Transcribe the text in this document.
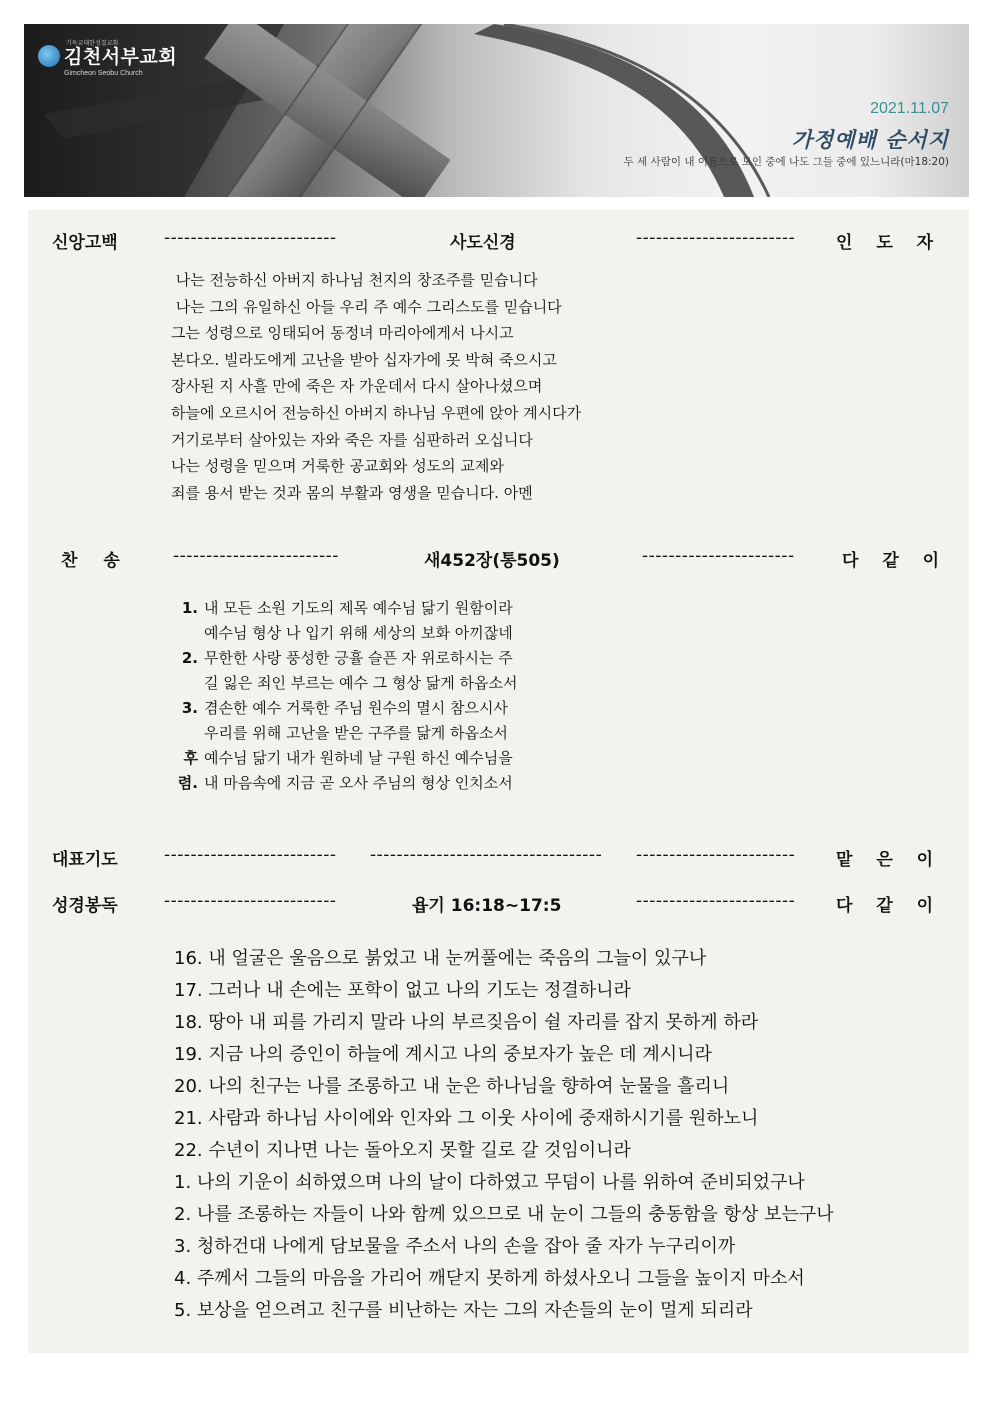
김천서부교회
기독교대한성결교회
Gimcheon Seobu Church
2021.11.07
가정예배 순서지
두 세 사람이 내 이름으로 모인 중에 나도 그들 중에 있느니라(마18:20)
신앙고백	--------------------------	사도신경	------------------------ 인 도 자
나는 전능하신 아버지 하나님 천지의 창조주를 믿습니다
나는 그의 유일하신 아들 우리 주 예수 그리스도를 믿습니다
그는 성령으로 잉태되어 동정녀 마리아에게서 나시고
본다오. 빌라도에게 고난을 받아 십자가에 못 박혀 죽으시고
장사된 지 사흘 만에 죽은 자 가운데서 다시 살아나셨으며
하늘에 오르시어 전능하신 아버지 하나님 우편에 앉아 계시다가
거기로부터 살아있는 자와 죽은 자를 심판하러 오십니다
나는 성령을 믿으며 거룩한 공교회와 성도의 교제와
죄를 용서 받는 것과 몸의 부활과 영생을 믿습니다. 아멘
찬 송	-------------------------	새452장(통505)	-----------------------	다 같 이
1. 내 모든 소원 기도의 제목 예수님 닮기 원함이라
예수님 형상 나 입기 위해 세상의 보화 아끼잖네
2. 무한한 사랑 풍성한 긍휼 슬픈 자 위로하시는 주
길 잃은 죄인 부르는 예수 그 형상 닮게 하옵소서
3. 겸손한 예수 거룩한 주님 원수의 멸시 참으시사
우리를 위해 고난을 받은 구주를 닮게 하옵소서
후렴.
예수님 닮기 내가 원하네 날 구원 하신 예수님을
내 마음속에 지금 곧 오사 주님의 형상 인치소서
대표기도	-------------------------- ----------------------------------- ------------------------ 맡 은 이
성경봉독	--------------------------	욥기 16:18~17:5	------------------------ 다 같 이
16. 내 얼굴은 울음으로 붉었고 내 눈꺼풀에는 죽음의 그늘이 있구나
17. 그러나 내 손에는 포학이 없고 나의 기도는 정결하니라
18. 땅아 내 피를 가리지 말라 나의 부르짖음이 쉴 자리를 잡지 못하게 하라
19. 지금 나의 증인이 하늘에 계시고 나의 중보자가 높은 데 계시니라
20. 나의 친구는 나를 조롱하고 내 눈은 하나님을 향하여 눈물을 흘리니
21. 사람과 하나님 사이에와 인자와 그 이웃 사이에 중재하시기를 원하노니
22. 수년이 지나면 나는 돌아오지 못할 길로 갈 것임이니라
1. 나의 기운이 쇠하였으며 나의 날이 다하였고 무덤이 나를 위하여 준비되었구나
2. 나를 조롱하는 자들이 나와 함께 있으므로 내 눈이 그들의 충동함을 항상 보는구나
3. 청하건대 나에게 담보물을 주소서 나의 손을 잡아 줄 자가 누구리이까
4. 주께서 그들의 마음을 가리어 깨닫지 못하게 하셨사오니 그들을 높이지 마소서
5. 보상을 얻으려고 친구를 비난하는 자는 그의 자손들의 눈이 멀게 되리라
